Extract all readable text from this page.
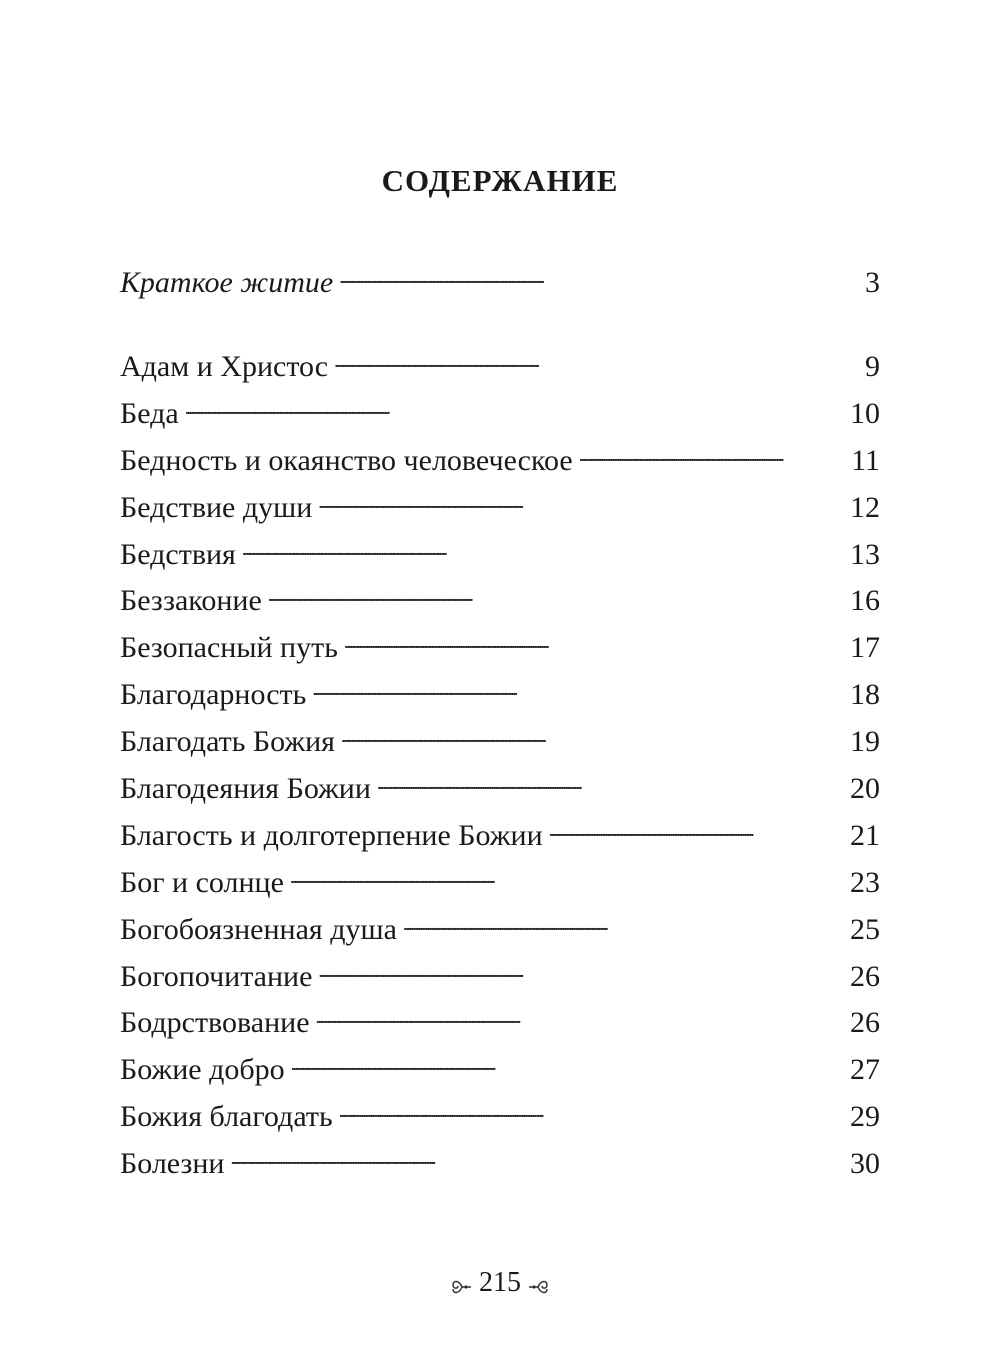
СОДЕРЖАНИЕ
Краткое житие . . .	3
Адам и Христос . . .	9
Беда . . .	10
Бедность и окаянство человеческое . . .	11
Бедствие души . . .	12
Бедствия . . .	13
Беззаконие . . .	16
Безопасный путь . . .	17
Благодарность . . .	18
Благодать Божия . . .	19
Благодеяния Божии . . .	20
Благость и долготерпение Божии . . .	21
Бог и солнце . . .	23
Богобоязненная душа . . .	25
Богопочитание . . .	26
Бодрствование . . .	26
Божие добро . . .	27
Божия благодать . . .	29
Болезни . . .	30
215
